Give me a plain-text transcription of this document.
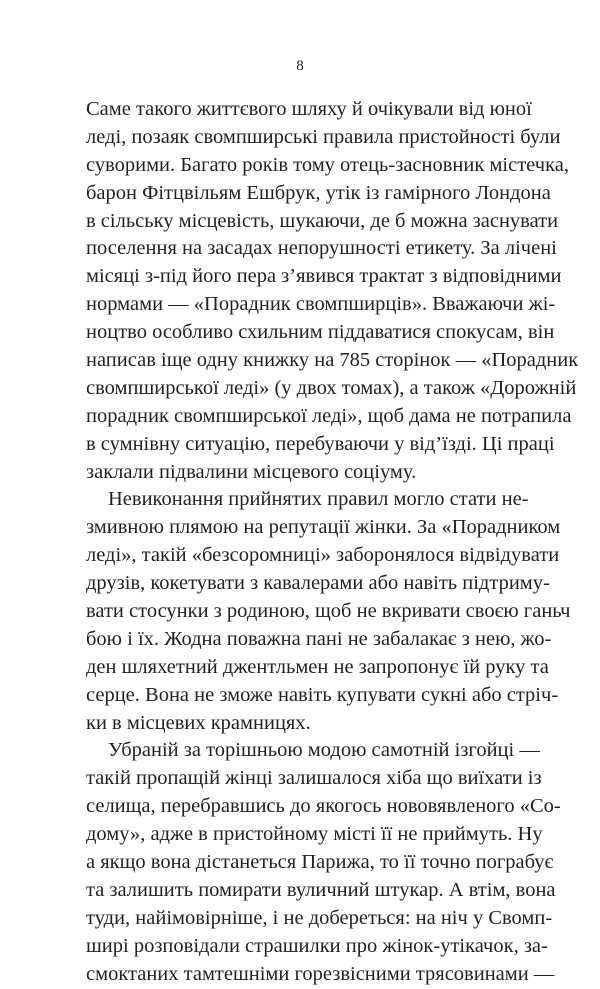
8
Саме такого життєвого шляху й очікували від юної
леді, позаяк свомпширські правила пристойності були
суворими. Багато років тому отець-засновник містечка,
барон Фітцвільям Ешбрук, утік із гамірного Лондона
в сільську місцевість, шукаючи, де б можна заснувати
поселення на засадах непорушності етикету. За лічені
місяці з-під його пера з’явився трактат з відповідними
нормами — «Порадник свомпширців». Вважаючи жі-
ноцтво особливо схильним піддаватися спокусам, він
написав іще одну книжку на 785 сторінок — «Порадник
свомпширської леді» (у двох томах), а також «Дорожній
порадник свомпширської леді», щоб дама не потрапила
в сумнівну ситуацію, перебуваючи у від’їзді. Ці праці
заклали підвалини місцевого соціуму.
Невиконання прийнятих правил могло стати не-
змивною плямою на репутації жінки. За «Порадником
леді», такій «безсоромниці» заборонялося відвідувати
друзів, кокетувати з кавалерами або навіть підтриму-
вати стосунки з родиною, щоб не вкривати своєю ганьч
бою і їх. Жодна поважна пані не забалакає з нею, жо-
ден шляхетний джентльмен не запропонує їй руку та
серце. Вона не зможе навіть купувати сукні або стріч-
ки в місцевих крамницях.
Убраній за торішньою модою самотній ізгойці —
такій пропащій жінці залишалося хіба що виїхати із
селища, перебравшись до якогось нововявленого «Со-
дому», адже в пристойному місті її не приймуть. Ну
а якщо вона дістанеться Парижа, то її точно пограбує
та залишить помирати вуличний штукар. А втім, вона
туди, найімовірніше, і не добереться: на ніч у Свомп-
ширі розповідали страшилки про жінок-утікачок, за-
смоктаних тамтешніми горезвісними трясовинами —
